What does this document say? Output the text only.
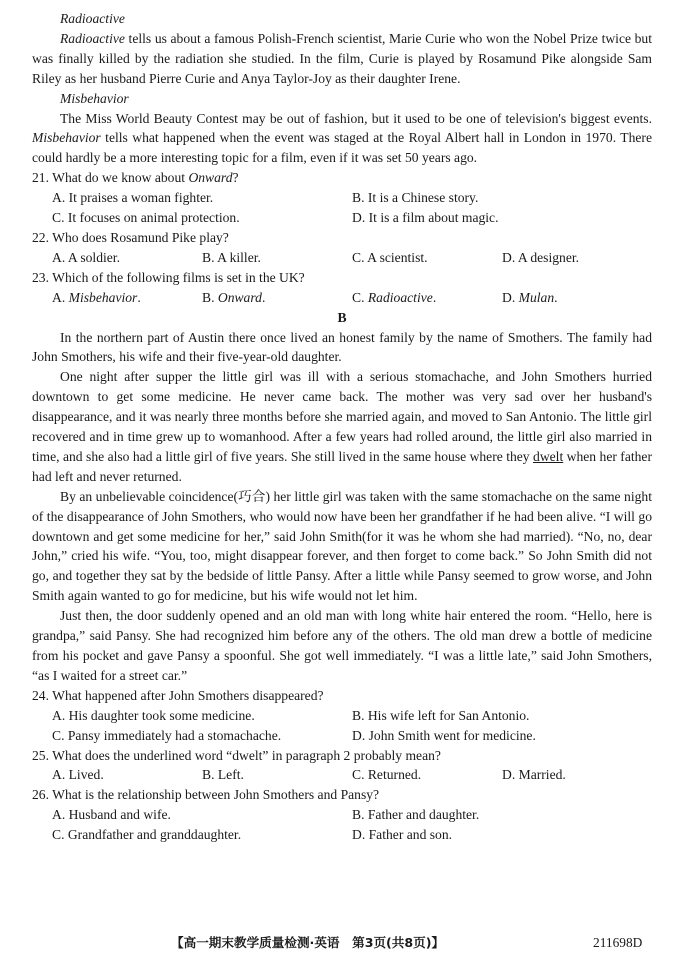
Radioactive

Radioactive tells us about a famous Polish-French scientist, Marie Curie who won the Nobel Prize twice but was finally killed by the radiation she studied. In the film, Curie is played by Rosamund Pike alongside Sam Riley as her husband Pierre Curie and Anya Taylor-Joy as their daughter Irene.

Misbehavior

The Miss World Beauty Contest may be out of fashion, but it used to be one of television's biggest events. Misbehavior tells what happened when the event was staged at the Royal Albert hall in London in 1970. There could hardly be a more interesting topic for a film, even if it was set 50 years ago.

21. What do we know about Onward?

A. It praises a woman fighter.	B. It is a Chinese story.
C. It focuses on animal protection.	D. It is a film about magic.

22. Who does Rosamund Pike play?

A. A soldier.	B. A killer.	C. A scientist.	D. A designer.

23. Which of the following films is set in the UK?

A. Misbehavior.	B. Onward.	C. Radioactive.	D. Mulan.

B

In the northern part of Austin there once lived an honest family by the name of Smothers. The family had John Smothers, his wife and their five-year-old daughter.

One night after supper the little girl was ill with a serious stomachache, and John Smothers hurried downtown to get some medicine. He never came back. The mother was very sad over her husband's disappearance, and it was nearly three months before she married again, and moved to San Antonio. The little girl recovered and in time grew up to womanhood. After a few years had rolled around, the little girl also married in time, and she also had a little girl of five years. She still lived in the same house where they dwelt when her father had left and never returned.

By an unbelievable coincidence(巧合) her little girl was taken with the same stomachache on the same night of the disappearance of John Smothers, who would now have been her grandfather if he had been alive. “I will go downtown and get some medicine for her,” said John Smith(for it was he whom she had married). “No, no, dear John,” cried his wife. “You, too, might disappear forever, and then forget to come back.” So John Smith did not go, and together they sat by the bedside of little Pansy. After a little while Pansy seemed to grow worse, and John Smith again wanted to go for medicine, but his wife would not let him.

Just then, the door suddenly opened and an old man with long white hair entered the room. “Hello, here is grandpa,” said Pansy. She had recognized him before any of the others. The old man drew a bottle of medicine from his pocket and gave Pansy a spoonful. She got well immediately. “I was a little late,” said John Smothers, “as I waited for a street car.”

24. What happened after John Smothers disappeared?

A. His daughter took some medicine.	B. His wife left for San Antonio.
C. Pansy immediately had a stomachache.	D. John Smith went for medicine.

25. What does the underlined word “dwelt” in paragraph 2 probably mean?

A. Lived.	B. Left.	C. Returned.	D. Married.

26. What is the relationship between John Smothers and Pansy?

A. Husband and wife.	B. Father and daughter.
C. Grandfather and granddaughter.	D. Father and son.
【高一期末教学质量检测·英语　第3页(共8页)】	211698D
